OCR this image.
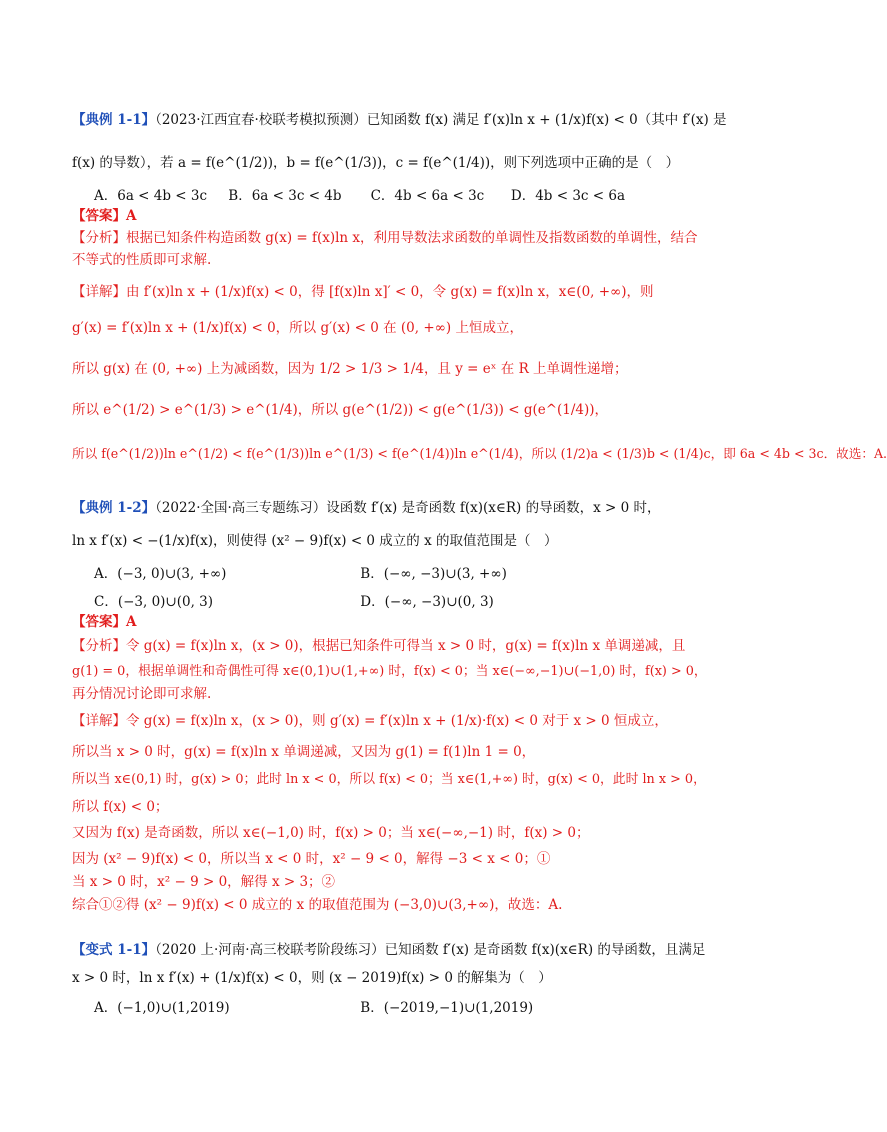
【典例 1-1】（2023·江西宜春·校联考模拟预测）已知函数 f(x) 满足 f′(x)ln x + (1/x)f(x) < 0（其中 f′(x) 是
f(x) 的导数），若 a = f(e^(1/2))，b = f(e^(1/3))，c = f(e^(1/4))，则下列选项中正确的是（　）
A．6a < 4b < 3c B．6a < 3c < 4b C．4b < 6a < 3c D．4b < 3c < 6a
【答案】A
【分析】根据已知条件构造函数 g(x) = f(x)ln x，利用导数法求函数的单调性及指数函数的单调性，结合
不等式的性质即可求解.
【详解】由 f′(x)ln x + (1/x)f(x) < 0，得 [f(x)ln x]′ < 0，令 g(x) = f(x)ln x，x∈(0, +∞)，则
g′(x) = f′(x)ln x + (1/x)f(x) < 0，所以 g′(x) < 0 在 (0, +∞) 上恒成立，
所以 g(x) 在 (0, +∞) 上为减函数，因为 1/2 > 1/3 > 1/4，且 y = eˣ 在 R 上单调性递增；
所以 e^(1/2) > e^(1/3) > e^(1/4)，所以 g(e^(1/2)) < g(e^(1/3)) < g(e^(1/4))，
所以 f(e^(1/2))ln e^(1/2) < f(e^(1/3))ln e^(1/3) < f(e^(1/4))ln e^(1/4)，所以 (1/2)a < (1/3)b < (1/4)c，即 6a < 4b < 3c．故选：A.
【典例 1-2】（2022·全国·高三专题练习）设函数 f′(x) 是奇函数 f(x)(x∈R) 的导函数，x > 0 时，
ln x f′(x) < −(1/x)f(x)，则使得 (x² − 9)f(x) < 0 成立的 x 的取值范围是（　）
A．(−3, 0)∪(3, +∞)	B．(−∞, −3)∪(3, +∞)
C．(−3, 0)∪(0, 3)	D．(−∞, −3)∪(0, 3)
【答案】A
【分析】令 g(x) = f(x)ln x，(x > 0)，根据已知条件可得当 x > 0 时，g(x) = f(x)ln x 单调递减，且
g(1) = 0，根据单调性和奇偶性可得 x∈(0,1)∪(1,+∞) 时，f(x) < 0；当 x∈(−∞,−1)∪(−1,0) 时，f(x) > 0，
再分情况讨论即可求解.
【详解】令 g(x) = f(x)ln x，(x > 0)，则 g′(x) = f′(x)ln x + (1/x)·f(x) < 0 对于 x > 0 恒成立，
所以当 x > 0 时，g(x) = f(x)ln x 单调递减，又因为 g(1) = f(1)ln 1 = 0，
所以当 x∈(0,1) 时，g(x) > 0；此时 ln x < 0，所以 f(x) < 0；当 x∈(1,+∞) 时，g(x) < 0，此时 ln x > 0，
所以 f(x) < 0；
又因为 f(x) 是奇函数，所以 x∈(−1,0) 时，f(x) > 0；当 x∈(−∞,−1) 时，f(x) > 0；
因为 (x² − 9)f(x) < 0，所以当 x < 0 时，x² − 9 < 0，解得 −3 < x < 0；①
当 x > 0 时，x² − 9 > 0，解得 x > 3；②
综合①②得 (x² − 9)f(x) < 0 成立的 x 的取值范围为 (−3,0)∪(3,+∞)，故选：A.
【变式 1-1】（2020 上·河南·高三校联考阶段练习）已知函数 f′(x) 是奇函数 f(x)(x∈R) 的导函数，且满足
x > 0 时，ln x f′(x) + (1/x)f(x) < 0，则 (x − 2019)f(x) > 0 的解集为（　）
A．(−1,0)∪(1,2019)	B．(−2019,−1)∪(1,2019)
